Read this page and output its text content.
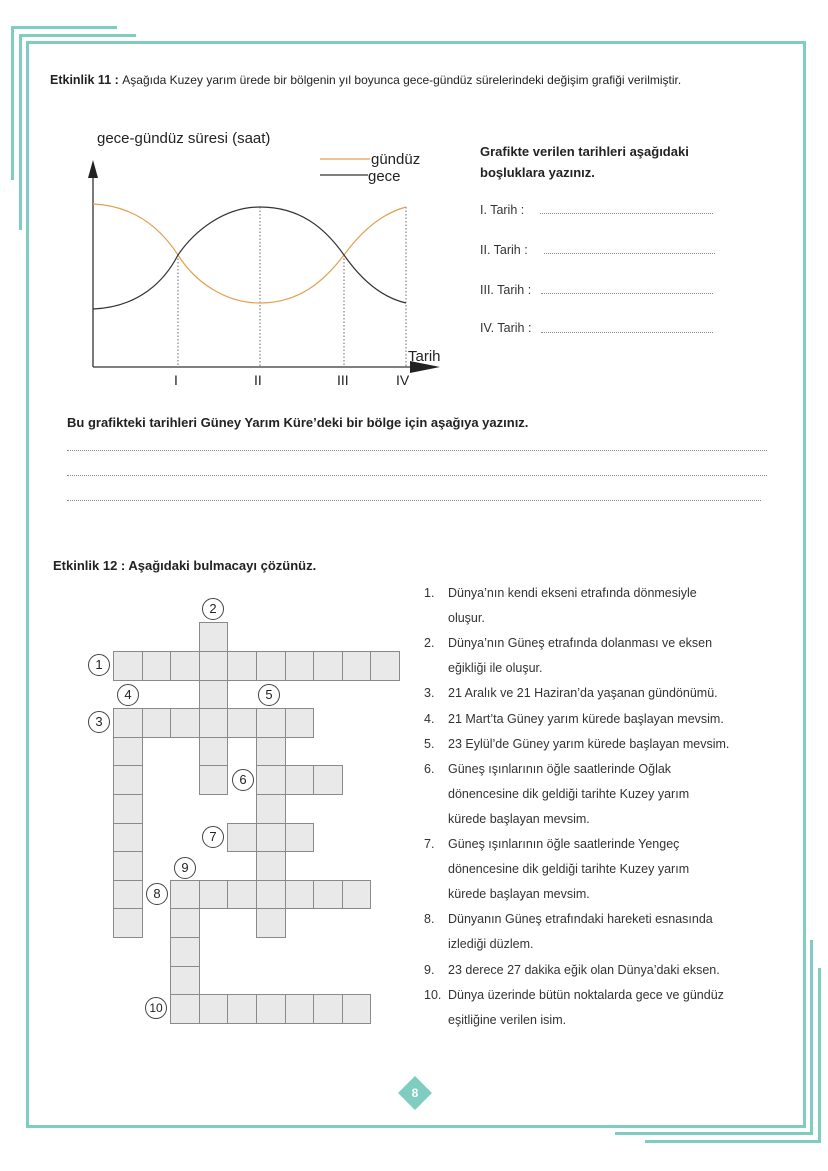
Etkinlik 11 : Aşağıda Kuzey yarım ürede bir bölgenin yıl boyunca gece-gündüz sürelerindeki değişim grafiği verilmiştir.
gece-gündüz süresi (saat)
gündüz
gece
I	II	III	IV
Tarih
Grafikte verilen tarihleri aşağıdaki
boşluklara yazınız.
I. Tarih :
II. Tarih :
III. Tarih :
IV. Tarih :
Bu grafikteki tarihleri Güney Yarım Küre’deki bir bölge için aşağıya yazınız.
Etkinlik 12 : Aşağıdaki bulmacayı çözünüz.
2
1
4	5
3
6
7
9
8
10
1. Dünya’nın kendi ekseni etrafında dönmesiyle
oluşur.
2. Dünya’nın Güneş etrafında dolanması ve eksen
eğikliği ile oluşur.
3. 21 Aralık ve 21 Haziran’da yaşanan gündönümü.
4. 21 Mart’ta Güney yarım kürede başlayan mevsim.
5. 23 Eylül’de Güney yarım kürede başlayan mevsim.
6. Güneş ışınlarının öğle saatlerinde Oğlak
dönencesine dik geldiği tarihte Kuzey yarım
kürede başlayan mevsim.
7. Güneş ışınlarının öğle saatlerinde Yengeç
dönencesine dik geldiği tarihte Kuzey yarım
kürede başlayan mevsim.
8. Dünyanın Güneş etrafındaki hareketi esnasında
izlediği düzlem.
9. 23 derece 27 dakika eğik olan Dünya’daki eksen.
10. Dünya üzerinde bütün noktalarda gece ve gündüz
eşitliğine verilen isim.
8
